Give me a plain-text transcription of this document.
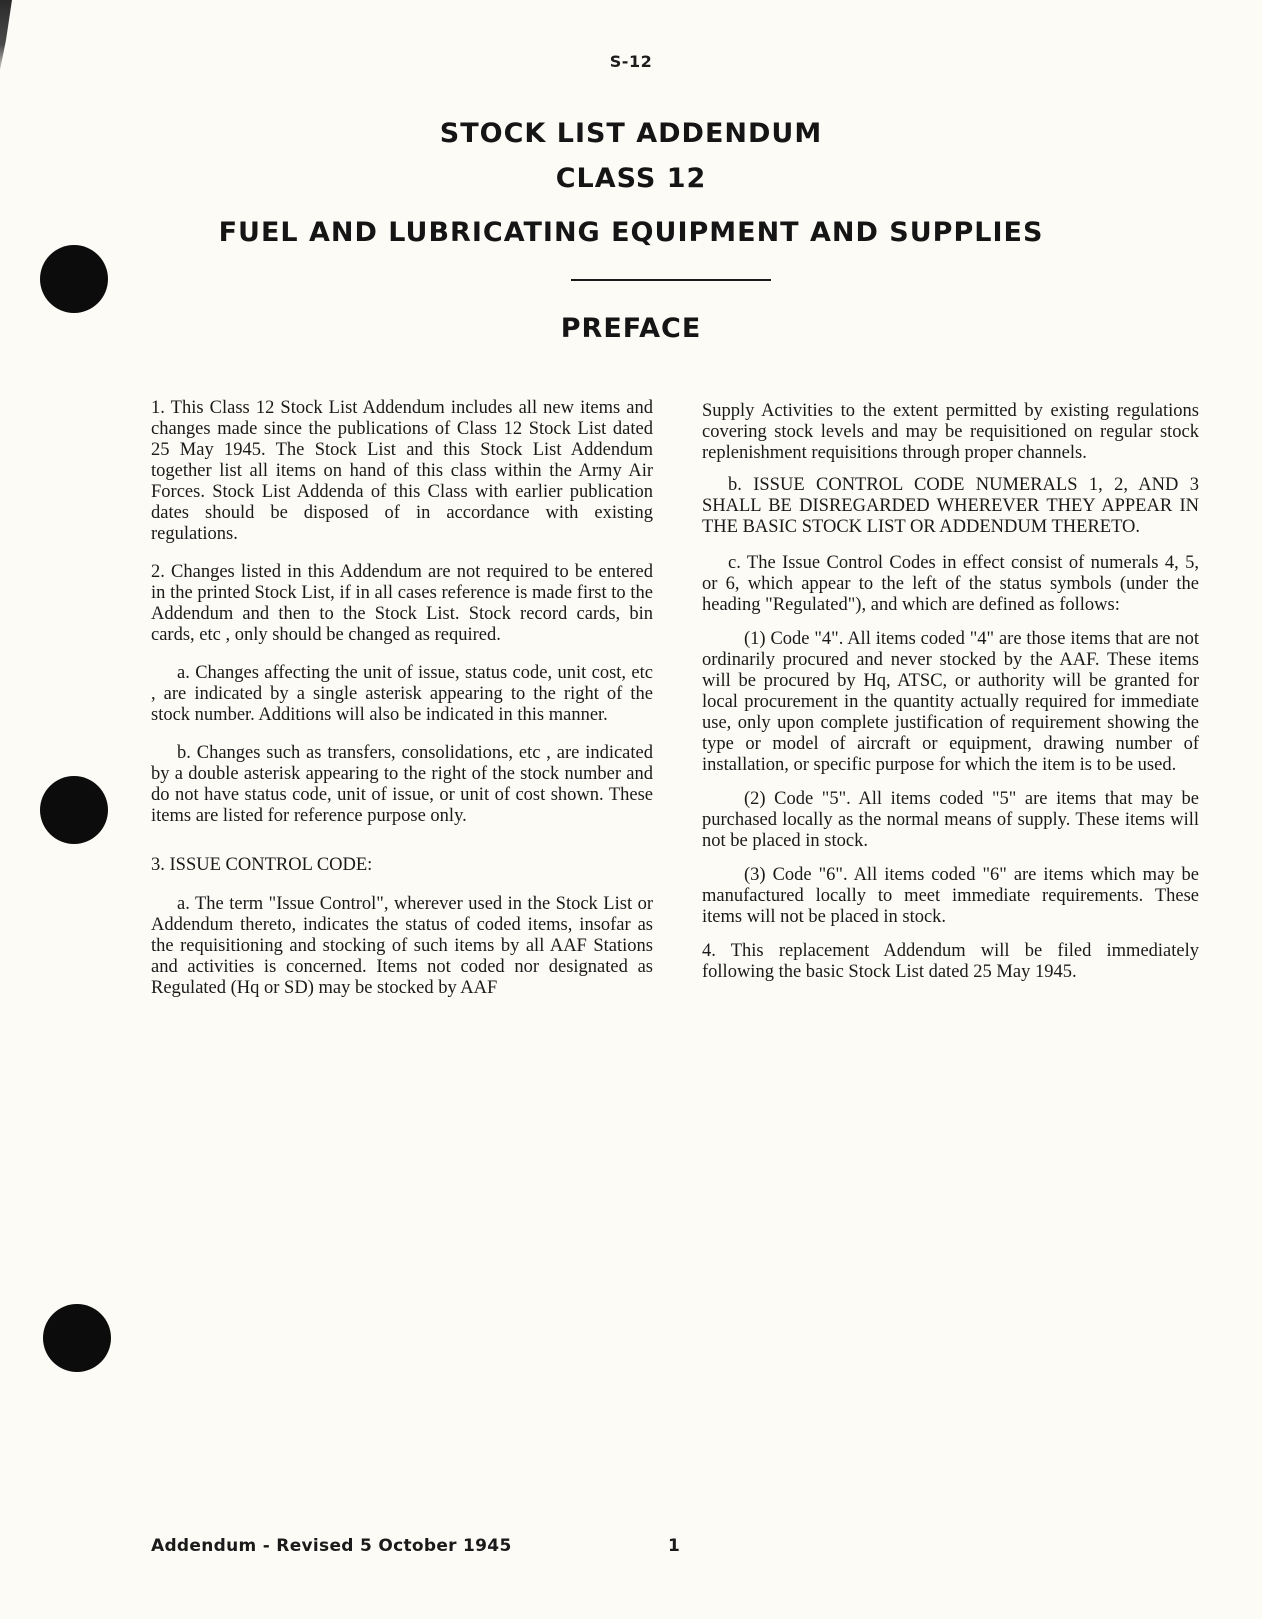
S-12
STOCK LIST ADDENDUM
CLASS 12
FUEL AND LUBRICATING EQUIPMENT AND SUPPLIES
PREFACE

1. This Class 12 Stock List Addendum includes all new items and changes made since the publications of Class 12 Stock List dated 25 May 1945. The Stock List and this Stock List Addendum together list all items on hand of this class within the Army Air Forces. Stock List Addenda of this Class with earlier publication dates should be disposed of in accordance with existing regulations.

2. Changes listed in this Addendum are not required to be entered in the printed Stock List, if in all cases reference is made first to the Addendum and then to the Stock List. Stock record cards, bin cards, etc , only should be changed as required.

a. Changes affecting the unit of issue, status code, unit cost, etc , are indicated by a single asterisk appearing to the right of the stock number. Additions will also be indicated in this manner.

b. Changes such as transfers, consolidations, etc , are indicated by a double asterisk appearing to the right of the stock number and do not have status code, unit of issue, or unit of cost shown. These items are listed for reference purpose only.

3. ISSUE CONTROL CODE:

a. The term "Issue Control", wherever used in the Stock List or Addendum thereto, indicates the status of coded items, insofar as the requisitioning and stocking of such items by all AAF Stations and activities is concerned. Items not coded nor designated as Regulated (Hq or SD) may be stocked by AAF

Supply Activities to the extent permitted by existing regulations covering stock levels and may be requisitioned on regular stock replenishment requisitions through proper channels.

b. ISSUE CONTROL CODE NUMERALS 1, 2, AND 3 SHALL BE DISREGARDED WHEREVER THEY APPEAR IN THE BASIC STOCK LIST OR ADDENDUM THERETO.

c. The Issue Control Codes in effect consist of numerals 4, 5, or 6, which appear to the left of the status symbols (under the heading "Regulated"), and which are defined as follows:

(1) Code "4". All items coded "4" are those items that are not ordinarily procured and never stocked by the AAF. These items will be procured by Hq, ATSC, or authority will be granted for local procurement in the quantity actually required for immediate use, only upon complete justification of requirement showing the type or model of aircraft or equipment, drawing number of installation, or specific purpose for which the item is to be used.

(2) Code "5". All items coded "5" are items that may be purchased locally as the normal means of supply. These items will not be placed in stock.

(3) Code "6". All items coded "6" are items which may be manufactured locally to meet immediate requirements. These items will not be placed in stock.

4. This replacement Addendum will be filed immediately following the basic Stock List dated 25 May 1945.

Addendum - Revised 5 October 1945	1
